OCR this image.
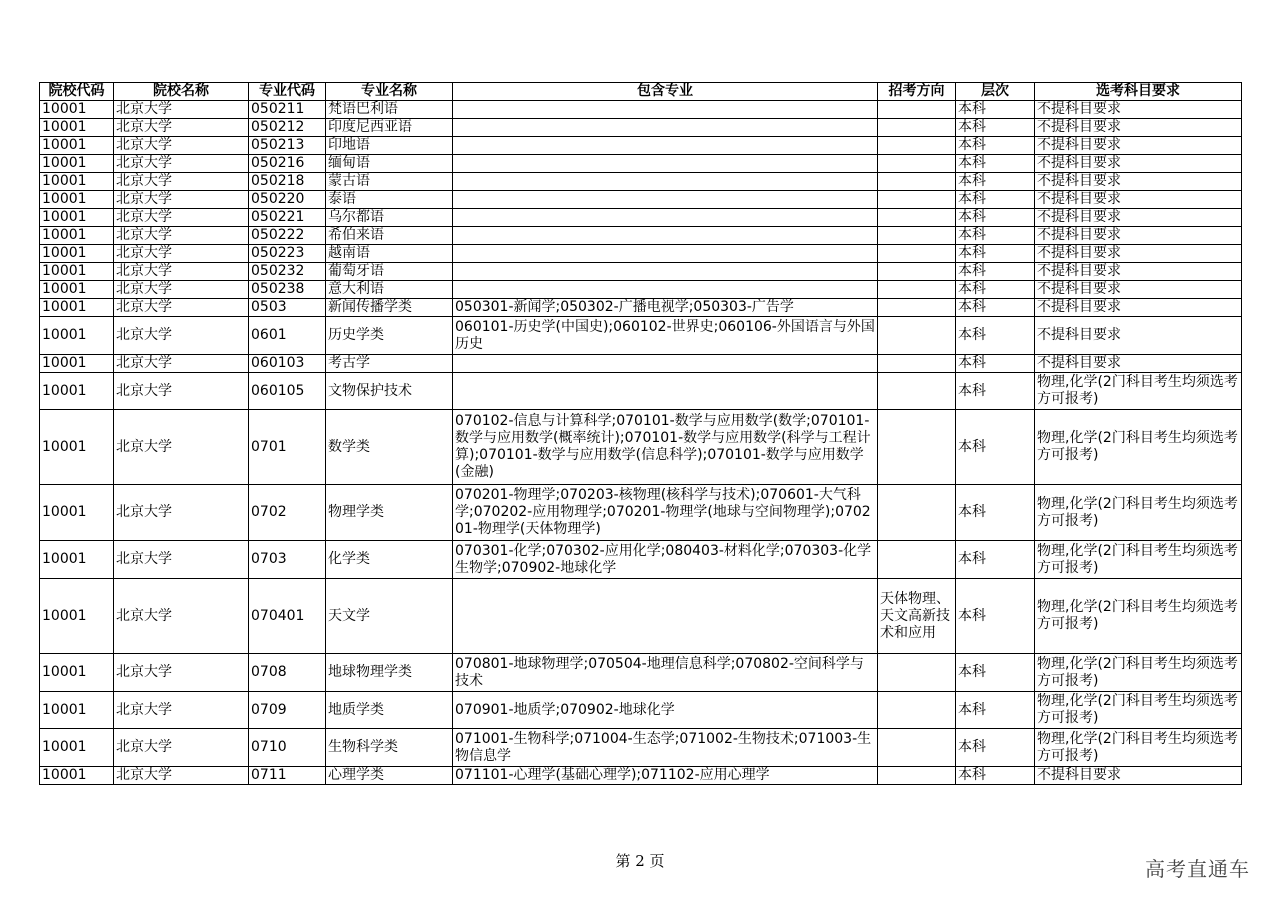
院校代码	院校名称	专业代码	专业名称	包含专业	招考方向	层次	选考科目要求
10001	北京大学	050211	梵语巴利语			本科	不提科目要求
10001	北京大学	050212	印度尼西亚语			本科	不提科目要求
10001	北京大学	050213	印地语			本科	不提科目要求
10001	北京大学	050216	缅甸语			本科	不提科目要求
10001	北京大学	050218	蒙古语			本科	不提科目要求
10001	北京大学	050220	泰语			本科	不提科目要求
10001	北京大学	050221	乌尔都语			本科	不提科目要求
10001	北京大学	050222	希伯来语			本科	不提科目要求
10001	北京大学	050223	越南语			本科	不提科目要求
10001	北京大学	050232	葡萄牙语			本科	不提科目要求
10001	北京大学	050238	意大利语			本科	不提科目要求
10001	北京大学	0503	新闻传播学类	050301-新闻学;050302-广播电视学;050303-广告学		本科	不提科目要求
10001	北京大学	0601	历史学类	060101-历史学(中国史);060102-世界史;060106-外国语言与外国历史		本科	不提科目要求
10001	北京大学	060103	考古学			本科	不提科目要求
10001	北京大学	060105	文物保护技术			本科	物理,化学(2门科目考生均须选考方可报考)
10001	北京大学	0701	数学类	070102-信息与计算科学;070101-数学与应用数学(数学;070101-数学与应用数学(概率统计);070101-数学与应用数学(科学与工程计算);070101-数学与应用数学(信息科学);070101-数学与应用数学(金融)		本科	物理,化学(2门科目考生均须选考方可报考)
10001	北京大学	0702	物理学类	070201-物理学;070203-核物理(核科学与技术);070601-大气科学;070202-应用物理学;070201-物理学(地球与空间物理学);070201-物理学(天体物理学)		本科	物理,化学(2门科目考生均须选考方可报考)
10001	北京大学	0703	化学类	070301-化学;070302-应用化学;080403-材料化学;070303-化学生物学;070902-地球化学		本科	物理,化学(2门科目考生均须选考方可报考)
10001	北京大学	070401	天文学		天体物理、天文高新技术和应用	本科	物理,化学(2门科目考生均须选考方可报考)
10001	北京大学	0708	地球物理学类	070801-地球物理学;070504-地理信息科学;070802-空间科学与技术		本科	物理,化学(2门科目考生均须选考方可报考)
10001	北京大学	0709	地质学类	070901-地质学;070902-地球化学		本科	物理,化学(2门科目考生均须选考方可报考)
10001	北京大学	0710	生物科学类	071001-生物科学;071004-生态学;071002-生物技术;071003-生物信息学		本科	物理,化学(2门科目考生均须选考方可报考)
10001	北京大学	0711	心理学类	071101-心理学(基础心理学);071102-应用心理学		本科	不提科目要求
第 2 页	高考直通车
